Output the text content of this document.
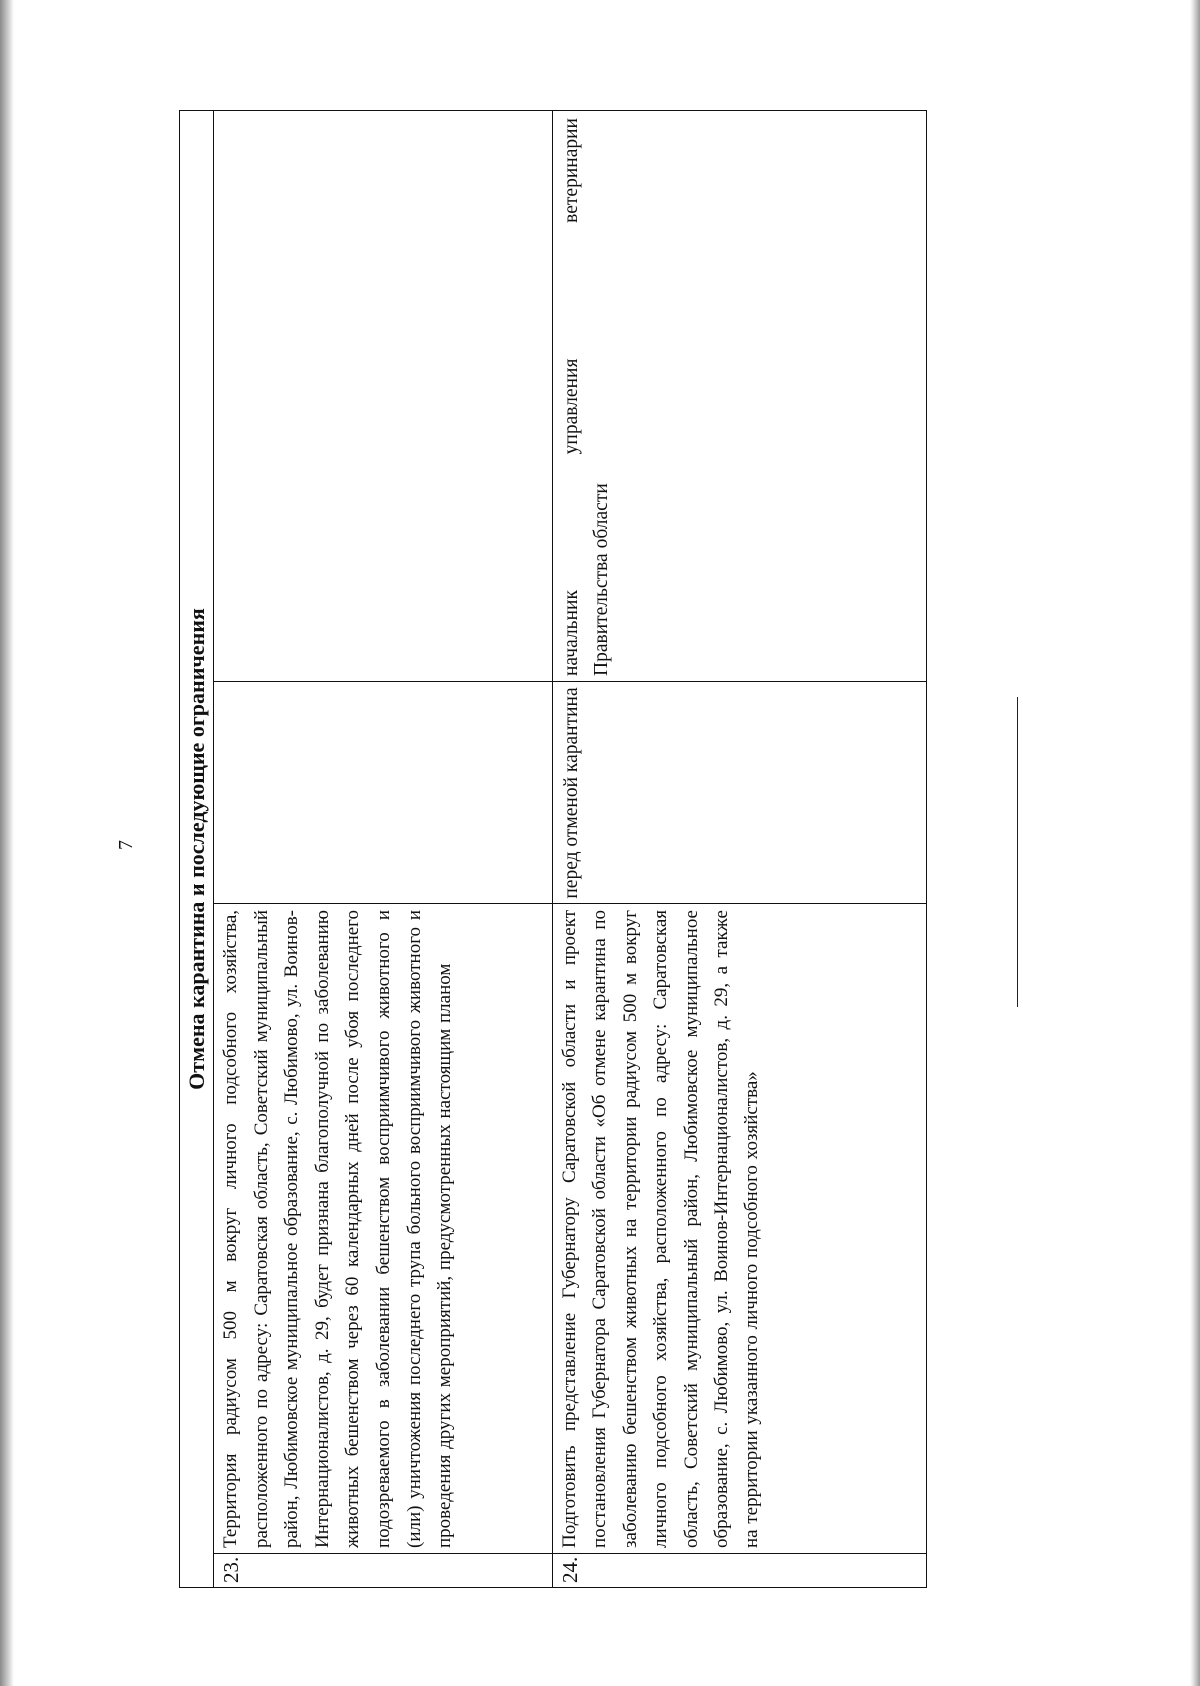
7 Отмена карантина и последующие ограничения
23.
Территория радиусом 500 м вокруг личного подсобного хозяйства, расположенного по адресу: Саратовская область, Советский муниципальный район, Любимовское муниципальное образование, с. Любимово, ул. Воинов-Интернационалистов, д. 29, будет признана благополучной по заболеванию животных бешенством через 60 календарных дней после убоя последнего подозреваемого в заболевании бешенством восприимчивого животного и (или) уничтожения последнего трупа больного восприимчивого животного и проведения других мероприятий, предусмотренных настоящим планом
24.
Подготовить представление Губернатору Саратовской области и проект постановления Губернатора Саратовской области «Об отмене карантина по заболеванию бешенством животных на территории радиусом 500 м вокруг личного подсобного хозяйства, расположенного по адресу: Саратовская область, Советский муниципальный район, Любимовское муниципальное образование, с. Любимово, ул. Воинов-Интернационалистов, д. 29, а также на территории указанного личного подсобного хозяйства»
перед отменой карантина
начальник управления ветеринарии Правительства области
